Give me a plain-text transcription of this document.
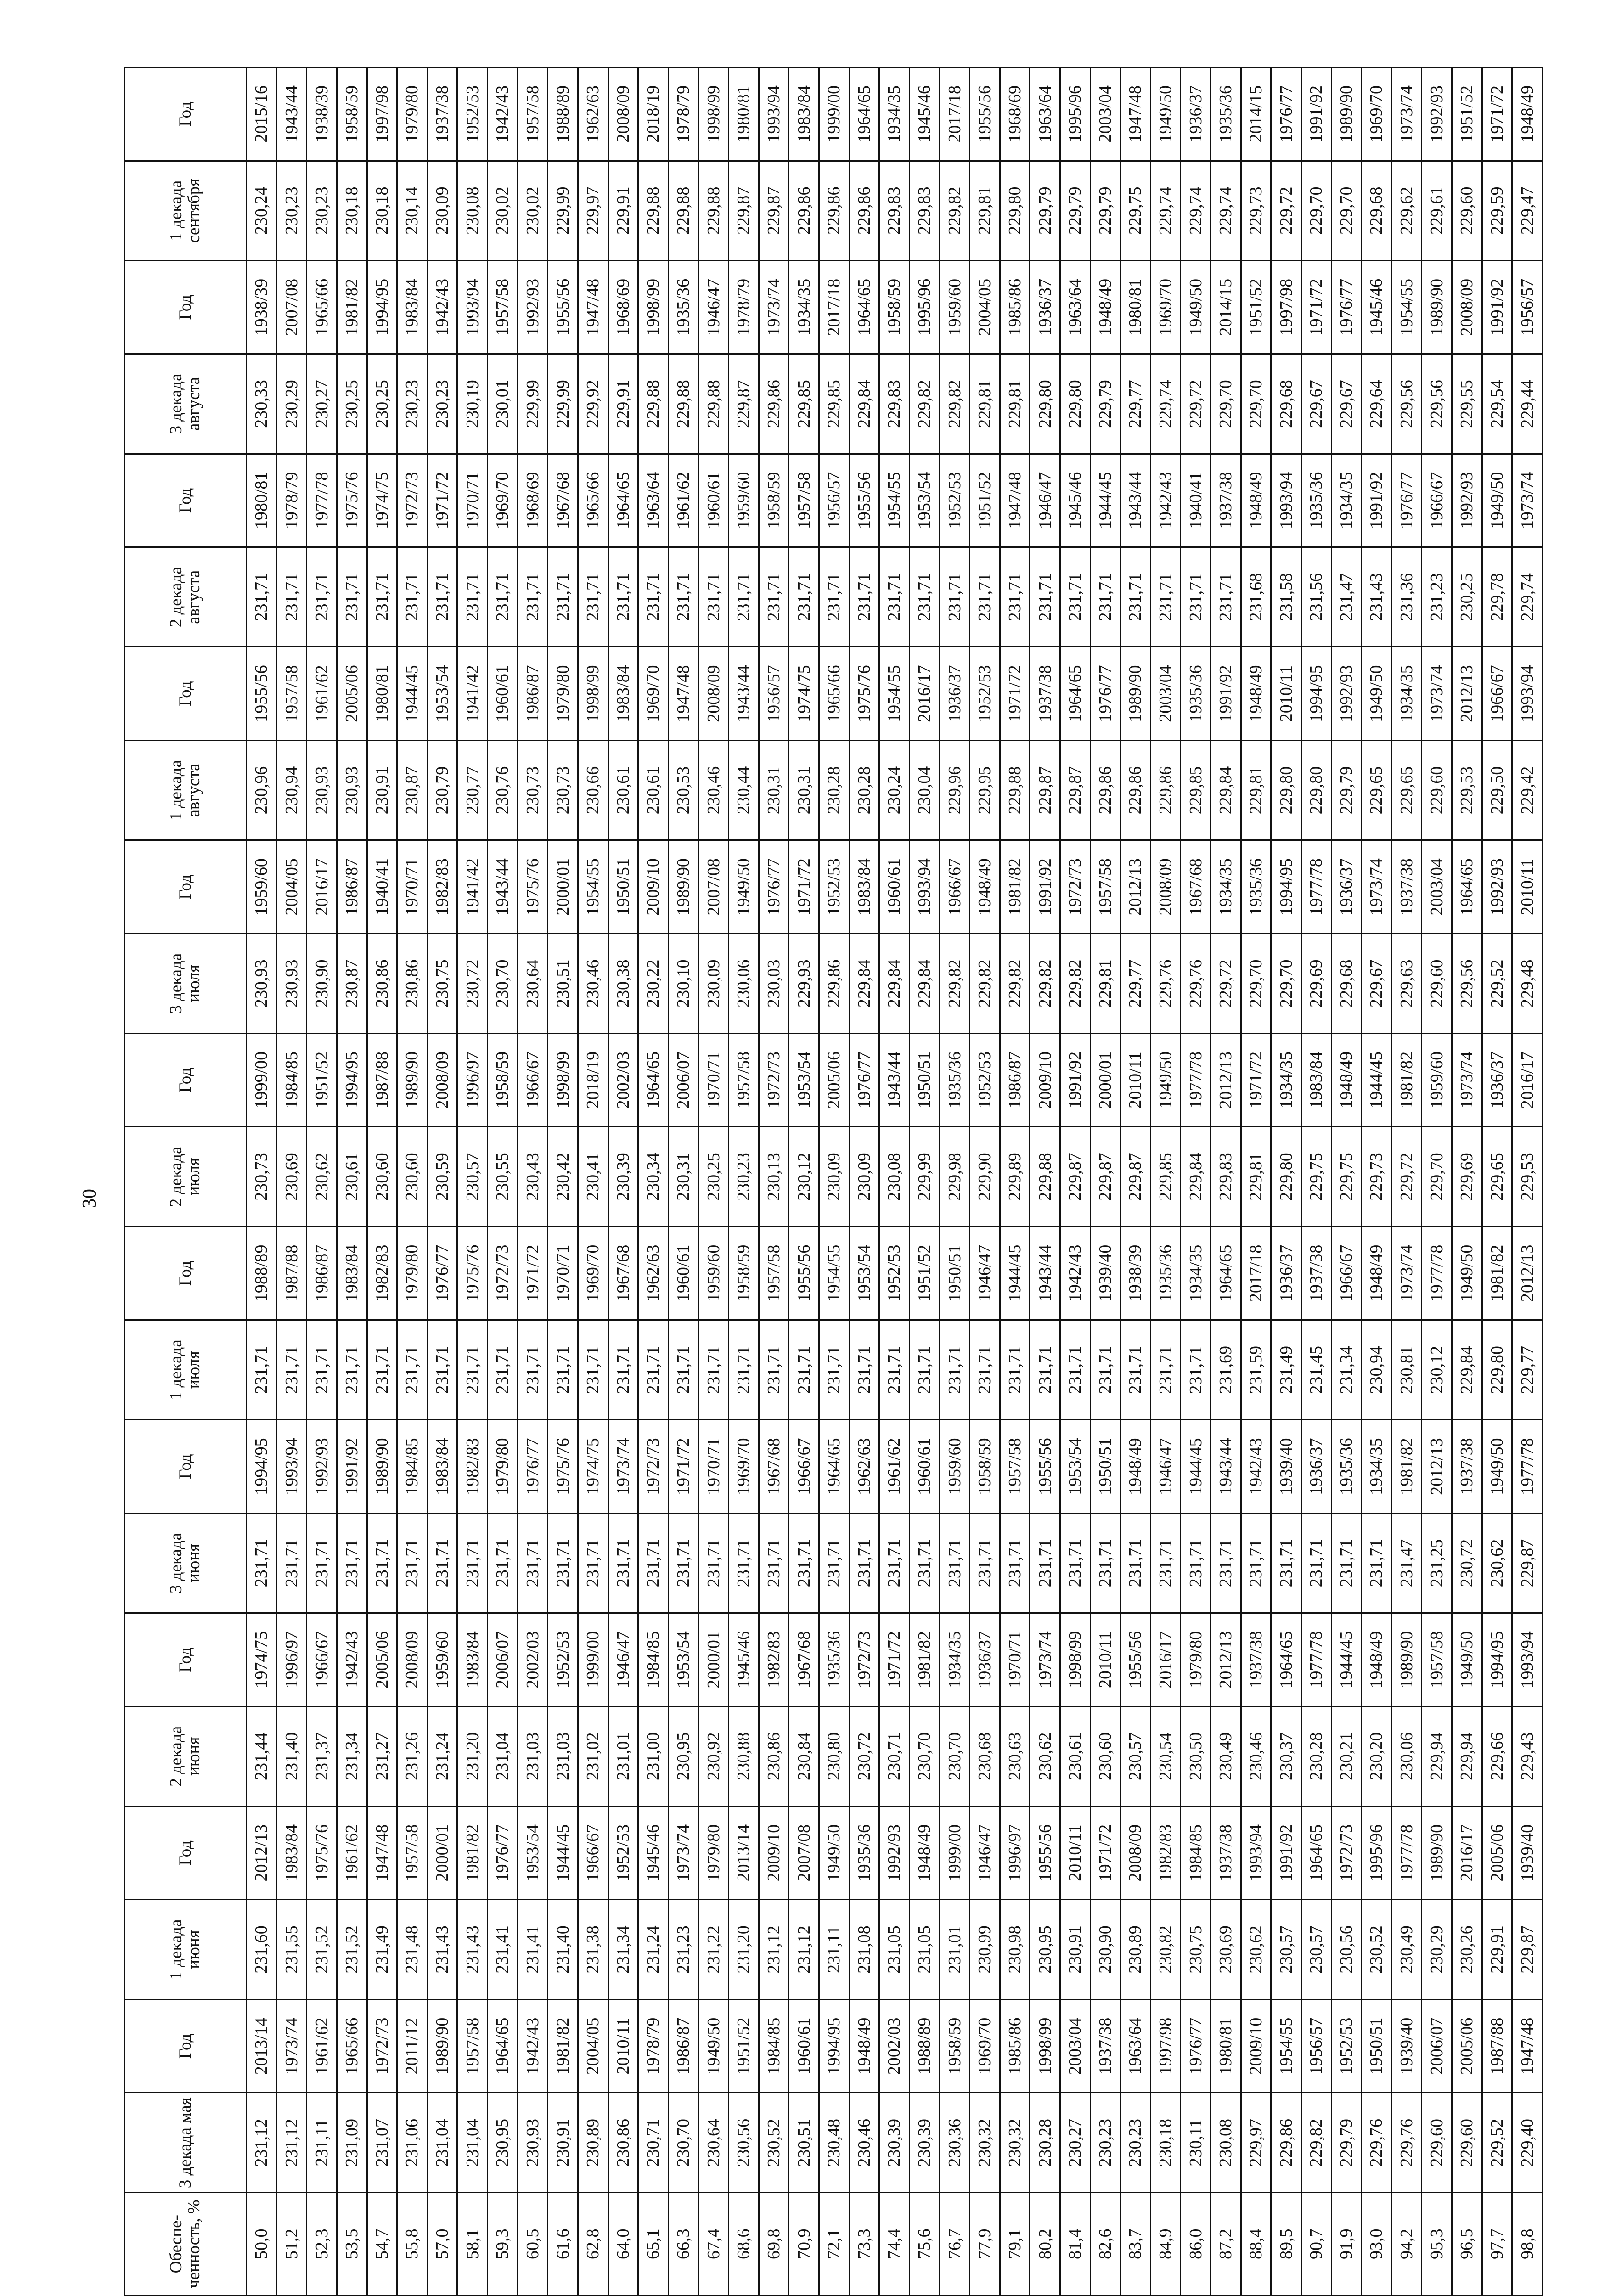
30
Обеспе-ченность, %	3 декада мая	Год	1 декада июня	Год	2 декада июня	Год	3 декада июня	Год	1 декада июля	Год	2 декада июля	Год	3 декада июля	Год	1 декада августа	Год	2 декада августа	Год	3 декада августа	Год	1 декада сентября	Год
50,0	231,12	2013/14	231,60	2012/13	231,44	1974/75	231,71	1994/95	231,71	1988/89	230,73	1999/00	230,93	1959/60	230,96	1955/56	231,71	1980/81	230,33	1938/39	230,24	2015/16
51,2	231,12	1973/74	231,55	1983/84	231,40	1996/97	231,71	1993/94	231,71	1987/88	230,69	1984/85	230,93	2004/05	230,94	1957/58	231,71	1978/79	230,29	2007/08	230,23	1943/44
52,3	231,11	1961/62	231,52	1975/76	231,37	1966/67	231,71	1992/93	231,71	1986/87	230,62	1951/52	230,90	2016/17	230,93	1961/62	231,71	1977/78	230,27	1965/66	230,23	1938/39
53,5	231,09	1965/66	231,52	1961/62	231,34	1942/43	231,71	1991/92	231,71	1983/84	230,61	1994/95	230,87	1986/87	230,93	2005/06	231,71	1975/76	230,25	1981/82	230,18	1958/59
54,7	231,07	1972/73	231,49	1947/48	231,27	2005/06	231,71	1989/90	231,71	1982/83	230,60	1987/88	230,86	1940/41	230,91	1980/81	231,71	1974/75	230,25	1994/95	230,18	1997/98
55,8	231,06	2011/12	231,48	1957/58	231,26	2008/09	231,71	1984/85	231,71	1979/80	230,60	1989/90	230,86	1970/71	230,87	1944/45	231,71	1972/73	230,23	1983/84	230,14	1979/80
57,0	231,04	1989/90	231,43	2000/01	231,24	1959/60	231,71	1983/84	231,71	1976/77	230,59	2008/09	230,75	1982/83	230,79	1953/54	231,71	1971/72	230,23	1942/43	230,09	1937/38
58,1	231,04	1957/58	231,43	1981/82	231,20	1983/84	231,71	1982/83	231,71	1975/76	230,57	1996/97	230,72	1941/42	230,77	1941/42	231,71	1970/71	230,19	1993/94	230,08	1952/53
59,3	230,95	1964/65	231,41	1976/77	231,04	2006/07	231,71	1979/80	231,71	1972/73	230,55	1958/59	230,70	1943/44	230,76	1960/61	231,71	1969/70	230,01	1957/58	230,02	1942/43
60,5	230,93	1942/43	231,41	1953/54	231,03	2002/03	231,71	1976/77	231,71	1971/72	230,43	1966/67	230,64	1975/76	230,73	1986/87	231,71	1968/69	229,99	1992/93	230,02	1957/58
61,6	230,91	1981/82	231,40	1944/45	231,03	1952/53	231,71	1975/76	231,71	1970/71	230,42	1998/99	230,51	2000/01	230,73	1979/80	231,71	1967/68	229,99	1955/56	229,99	1988/89
62,8	230,89	2004/05	231,38	1966/67	231,02	1999/00	231,71	1974/75	231,71	1969/70	230,41	2018/19	230,46	1954/55	230,66	1998/99	231,71	1965/66	229,92	1947/48	229,97	1962/63
64,0	230,86	2010/11	231,34	1952/53	231,01	1946/47	231,71	1973/74	231,71	1967/68	230,39	2002/03	230,38	1950/51	230,61	1983/84	231,71	1964/65	229,91	1968/69	229,91	2008/09
65,1	230,71	1978/79	231,24	1945/46	231,00	1984/85	231,71	1972/73	231,71	1962/63	230,34	1964/65	230,22	2009/10	230,61	1969/70	231,71	1963/64	229,88	1998/99	229,88	2018/19
66,3	230,70	1986/87	231,23	1973/74	230,95	1953/54	231,71	1971/72	231,71	1960/61	230,31	2006/07	230,10	1989/90	230,53	1947/48	231,71	1961/62	229,88	1935/36	229,88	1978/79
67,4	230,64	1949/50	231,22	1979/80	230,92	2000/01	231,71	1970/71	231,71	1959/60	230,25	1970/71	230,09	2007/08	230,46	2008/09	231,71	1960/61	229,88	1946/47	229,88	1998/99
68,6	230,56	1951/52	231,20	2013/14	230,88	1945/46	231,71	1969/70	231,71	1958/59	230,23	1957/58	230,06	1949/50	230,44	1943/44	231,71	1959/60	229,87	1978/79	229,87	1980/81
69,8	230,52	1984/85	231,12	2009/10	230,86	1982/83	231,71	1967/68	231,71	1957/58	230,13	1972/73	230,03	1976/77	230,31	1956/57	231,71	1958/59	229,86	1973/74	229,87	1993/94
70,9	230,51	1960/61	231,12	2007/08	230,84	1967/68	231,71	1966/67	231,71	1955/56	230,12	1953/54	229,93	1971/72	230,31	1974/75	231,71	1957/58	229,85	1934/35	229,86	1983/84
72,1	230,48	1994/95	231,11	1949/50	230,80	1935/36	231,71	1964/65	231,71	1954/55	230,09	2005/06	229,86	1952/53	230,28	1965/66	231,71	1956/57	229,85	2017/18	229,86	1999/00
73,3	230,46	1948/49	231,08	1935/36	230,72	1972/73	231,71	1962/63	231,71	1953/54	230,09	1976/77	229,84	1983/84	230,28	1975/76	231,71	1955/56	229,84	1964/65	229,86	1964/65
74,4	230,39	2002/03	231,05	1992/93	230,71	1971/72	231,71	1961/62	231,71	1952/53	230,08	1943/44	229,84	1960/61	230,24	1954/55	231,71	1954/55	229,83	1958/59	229,83	1934/35
75,6	230,39	1988/89	231,05	1948/49	230,70	1981/82	231,71	1960/61	231,71	1951/52	229,99	1950/51	229,84	1993/94	230,04	2016/17	231,71	1953/54	229,82	1995/96	229,83	1945/46
76,7	230,36	1958/59	231,01	1999/00	230,70	1934/35	231,71	1959/60	231,71	1950/51	229,98	1935/36	229,82	1966/67	229,96	1936/37	231,71	1952/53	229,82	1959/60	229,82	2017/18
77,9	230,32	1969/70	230,99	1946/47	230,68	1936/37	231,71	1958/59	231,71	1946/47	229,90	1952/53	229,82	1948/49	229,95	1952/53	231,71	1951/52	229,81	2004/05	229,81	1955/56
79,1	230,32	1985/86	230,98	1996/97	230,63	1970/71	231,71	1957/58	231,71	1944/45	229,89	1986/87	229,82	1981/82	229,88	1971/72	231,71	1947/48	229,81	1985/86	229,80	1968/69
80,2	230,28	1998/99	230,95	1955/56	230,62	1973/74	231,71	1955/56	231,71	1943/44	229,88	2009/10	229,82	1991/92	229,87	1937/38	231,71	1946/47	229,80	1936/37	229,79	1963/64
81,4	230,27	2003/04	230,91	2010/11	230,61	1998/99	231,71	1953/54	231,71	1942/43	229,87	1991/92	229,82	1972/73	229,87	1964/65	231,71	1945/46	229,80	1963/64	229,79	1995/96
82,6	230,23	1937/38	230,90	1971/72	230,60	2010/11	231,71	1950/51	231,71	1939/40	229,87	2000/01	229,81	1957/58	229,86	1976/77	231,71	1944/45	229,79	1948/49	229,79	2003/04
83,7	230,23	1963/64	230,89	2008/09	230,57	1955/56	231,71	1948/49	231,71	1938/39	229,87	2010/11	229,77	2012/13	229,86	1989/90	231,71	1943/44	229,77	1980/81	229,75	1947/48
84,9	230,18	1997/98	230,82	1982/83	230,54	2016/17	231,71	1946/47	231,71	1935/36	229,85	1949/50	229,76	2008/09	229,86	2003/04	231,71	1942/43	229,74	1969/70	229,74	1949/50
86,0	230,11	1976/77	230,75	1984/85	230,50	1979/80	231,71	1944/45	231,71	1934/35	229,84	1977/78	229,76	1967/68	229,85	1935/36	231,71	1940/41	229,72	1949/50	229,74	1936/37
87,2	230,08	1980/81	230,69	1937/38	230,49	2012/13	231,71	1943/44	231,69	1964/65	229,83	2012/13	229,72	1934/35	229,84	1991/92	231,71	1937/38	229,70	2014/15	229,74	1935/36
88,4	229,97	2009/10	230,62	1993/94	230,46	1937/38	231,71	1942/43	231,59	2017/18	229,81	1971/72	229,70	1935/36	229,81	1948/49	231,68	1948/49	229,70	1951/52	229,73	2014/15
89,5	229,86	1954/55	230,57	1991/92	230,37	1964/65	231,71	1939/40	231,49	1936/37	229,80	1934/35	229,70	1994/95	229,80	2010/11	231,58	1993/94	229,68	1997/98	229,72	1976/77
90,7	229,82	1956/57	230,57	1964/65	230,28	1977/78	231,71	1936/37	231,45	1937/38	229,75	1983/84	229,69	1977/78	229,80	1994/95	231,56	1935/36	229,67	1971/72	229,70	1991/92
91,9	229,79	1952/53	230,56	1972/73	230,21	1944/45	231,71	1935/36	231,34	1966/67	229,75	1948/49	229,68	1936/37	229,79	1992/93	231,47	1934/35	229,67	1976/77	229,70	1989/90
93,0	229,76	1950/51	230,52	1995/96	230,20	1948/49	231,71	1934/35	230,94	1948/49	229,73	1944/45	229,67	1973/74	229,65	1949/50	231,43	1991/92	229,64	1945/46	229,68	1969/70
94,2	229,76	1939/40	230,49	1977/78	230,06	1989/90	231,47	1981/82	230,81	1973/74	229,72	1981/82	229,63	1937/38	229,65	1934/35	231,36	1976/77	229,56	1954/55	229,62	1973/74
95,3	229,60	2006/07	230,29	1989/90	229,94	1957/58	231,25	2012/13	230,12	1977/78	229,70	1959/60	229,60	2003/04	229,60	1973/74	231,23	1966/67	229,56	1989/90	229,61	1992/93
96,5	229,60	2005/06	230,26	2016/17	229,94	1949/50	230,72	1937/38	229,84	1949/50	229,69	1973/74	229,56	1964/65	229,53	2012/13	230,25	1992/93	229,55	2008/09	229,60	1951/52
97,7	229,52	1987/88	229,91	2005/06	229,66	1994/95	230,62	1949/50	229,80	1981/82	229,65	1936/37	229,52	1992/93	229,50	1966/67	229,78	1949/50	229,54	1991/92	229,59	1971/72
98,8	229,40	1947/48	229,87	1939/40	229,43	1993/94	229,87	1977/78	229,77	2012/13	229,53	2016/17	229,48	2010/11	229,42	1993/94	229,74	1973/74	229,44	1956/57	229,47	1948/49
